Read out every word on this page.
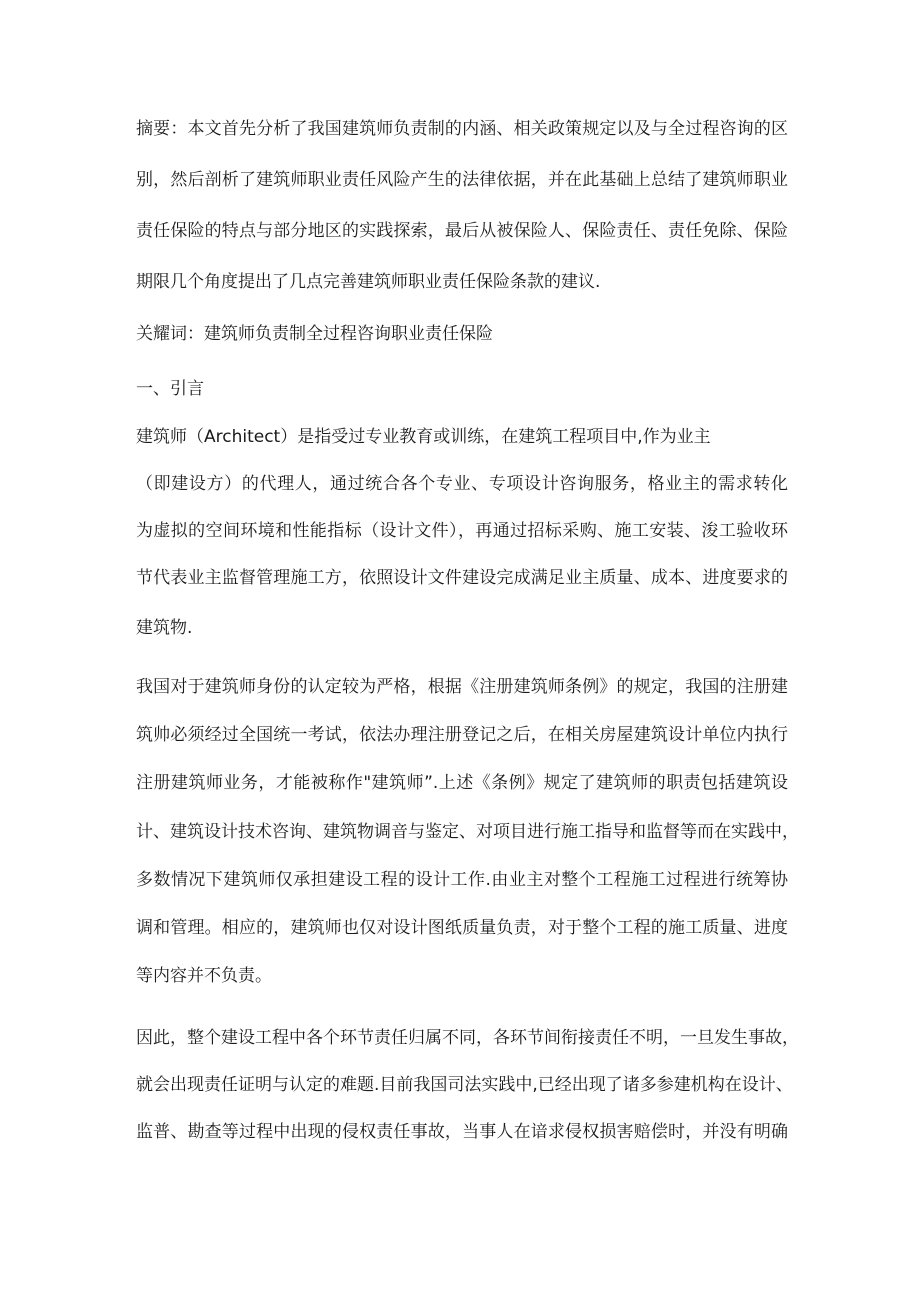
摘要：本文首先分析了我国建筑师负责制的内涵、相关政策规定以及与全过程咨询的区
别，然后剖析了建筑师职业责任风险产生的法律依据，并在此基础上总结了建筑师职业
责任保险的特点与部分地区的实践探索，最后从被保险人、保险责任、责任免除、保险
期限几个角度提出了几点完善建筑师职业责任保险条款的建议.
关耀词：建筑师负责制全过程咨询职业责任保险
一、引言
建筑师（Architect）是指受过专业教育或训练，在建筑工程项目中,作为业主
（即建设方）的代理人，通过统合各个专业、专项设计咨询服务，格业主的需求转化
为虚拟的空间环境和性能指标（设计文件），再通过招标采购、施工安装、浚工验收环
节代表业主监督管理施工方，依照设计文件建设完成满足业主质量、成本、进度要求的
建筑物.
我国对于建筑师身份的认定较为严格，根据《注册建筑师条例》的规定，我国的注册建
筑帅必须经过全国统一考试，依法办理注册登记之后，在相关房屋建筑设计单位内执行
注册建筑师业务，才能被称作"建筑师”.上述《条例》规定了建筑师的职责包括建筑设
计、建筑设计技术咨询、建筑物调音与鉴定、对项目进行施工指导和监督等而在实践中，
多数情况下建筑师仅承担建设工程的设计工作.由业主对整个工程施工过程进行统筹协
调和管理。相应的，建筑师也仅对设计图纸质量负责，对于整个工程的施工质量、进度
等内容并不负责。
因此，整个建设工程中各个环节责任归属不同，各环节间衔接责任不明，一旦发生事故，
就会出现责任证明与认定的难题.目前我国司法实践中,已经出现了诸多参建机构在设计、
监普、勘查等过程中出现的侵权责任事故，当事人在谙求侵权损害赔偿时，并没有明确
